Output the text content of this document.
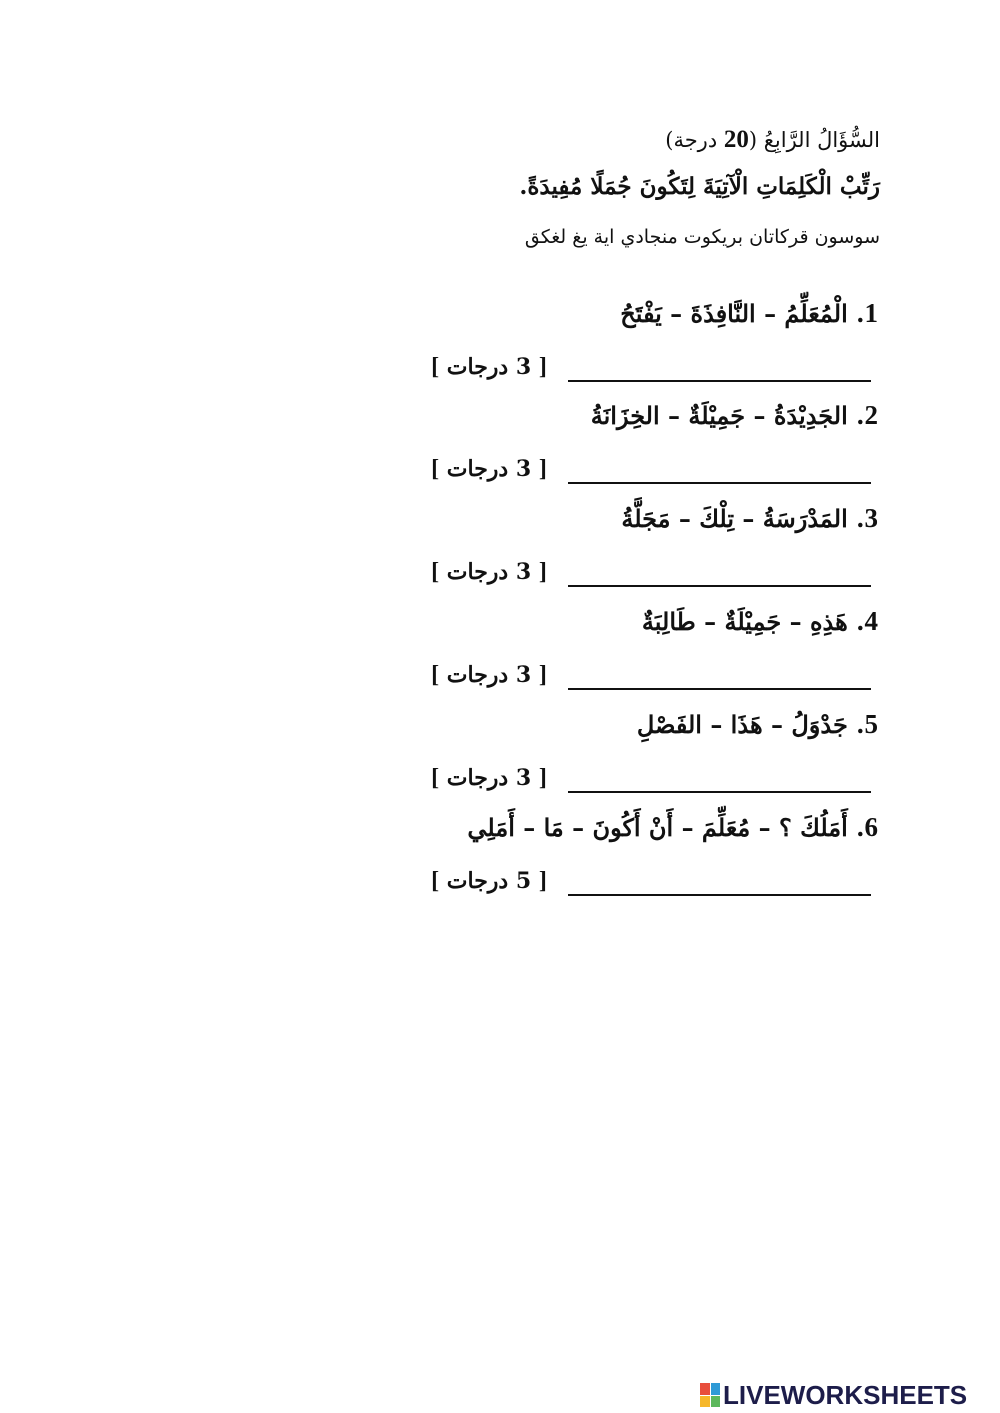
السُّؤَالُ الرَّابِعُ (20 درجة)
رَتِّبْ الْكَلِمَاتِ الْآتِيَةَ لِتَكُونَ جُمَلًا مُفِيدَةً.
سوسون قركاتان بريكوت منجادي اية يغ لغكق
1. الْمُعَلِّمُ – النَّافِذَةَ – يَفْتَحُ
[ 3 درجات ]
2. الجَدِيْدَةُ – جَمِيْلَةٌ – الخِزَانَةُ
[ 3 درجات ]
3. المَدْرَسَةُ – تِلْكَ – مَجَلَّةُ
[ 3 درجات ]
4. هَذِهِ – جَمِيْلَةٌ – طَالِبَةٌ
[ 3 درجات ]
5. جَدْوَلُ – هَذَا – الفَصْلِ
[ 3 درجات ]
6. أَمَلُكَ ؟ – مُعَلِّمَ – أَنْ أَكُونَ – مَا – أَمَلِي
[ 5 درجات ]
LIVEWORKSHEETS
